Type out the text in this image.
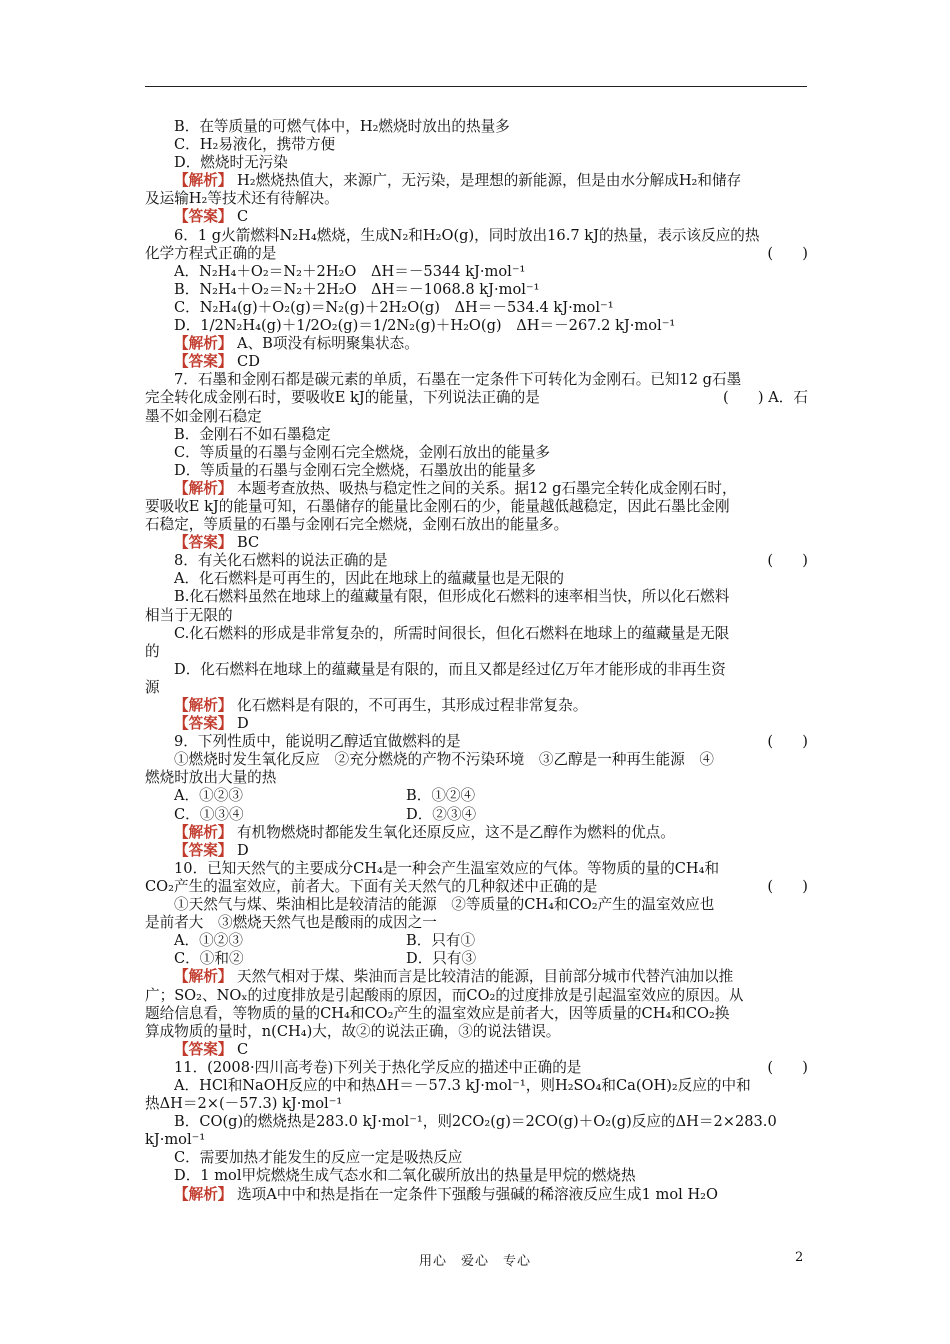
B．在等质量的可燃气体中，H₂燃烧时放出的热量多
C．H₂易液化，携带方便
D．燃烧时无污染
【解析】 H₂燃烧热值大，来源广，无污染，是理想的新能源，但是由水分解成H₂和储存
及运输H₂等技术还有待解决。
【答案】 C
6．1 g火箭燃料N₂H₄燃烧，生成N₂和H₂O(g)，同时放出16.7 kJ的热量，表示该反应的热
(　　)
化学方程式正确的是
A．N₂H₄＋O₂＝N₂＋2H₂O　ΔH＝－5344 kJ·mol⁻¹
B．N₂H₄＋O₂＝N₂＋2H₂O　ΔH＝－1068.8 kJ·mol⁻¹
C．N₂H₄(g)＋O₂(g)＝N₂(g)＋2H₂O(g)　ΔH＝－534.4 kJ·mol⁻¹
D．1/2N₂H₄(g)＋1/2O₂(g)＝1/2N₂(g)＋H₂O(g)　ΔH＝－267.2 kJ·mol⁻¹
【解析】 A、B项没有标明聚集状态。
【答案】 CD
7．石墨和金刚石都是碳元素的单质，石墨在一定条件下可转化为金刚石。已知12 g石墨
(　　) A．石
完全转化成金刚石时，要吸收E kJ的能量，下列说法正确的是
墨不如金刚石稳定
B．金刚石不如石墨稳定
C．等质量的石墨与金刚石完全燃烧，金刚石放出的能量多
D．等质量的石墨与金刚石完全燃烧，石墨放出的能量多
【解析】 本题考查放热、吸热与稳定性之间的关系。据12 g石墨完全转化成金刚石时，
要吸收E kJ的能量可知，石墨储存的能量比金刚石的少，能量越低越稳定，因此石墨比金刚
石稳定，等质量的石墨与金刚石完全燃烧，金刚石放出的能量多。
【答案】 BC
(　　)
8．有关化石燃料的说法正确的是
A．化石燃料是可再生的，因此在地球上的蕴藏量也是无限的
B.化石燃料虽然在地球上的蕴藏量有限，但形成化石燃料的速率相当快，所以化石燃料
相当于无限的
C.化石燃料的形成是非常复杂的，所需时间很长，但化石燃料在地球上的蕴藏量是无限
的
D．化石燃料在地球上的蕴藏量是有限的，而且又都是经过亿万年才能形成的非再生资
源
【解析】 化石燃料是有限的，不可再生，其形成过程非常复杂。
【答案】 D
(　　)
9．下列性质中，能说明乙醇适宜做燃料的是
①燃烧时发生氧化反应　②充分燃烧的产物不污染环境　③乙醇是一种再生能源　④
燃烧时放出大量的热
A．①②③	B．①②④
C．①③④	D．②③④
【解析】 有机物燃烧时都能发生氧化还原反应，这不是乙醇作为燃料的优点。
【答案】 D
10．已知天然气的主要成分CH₄是一种会产生温室效应的气体。等物质的量的CH₄和
(　　)
CO₂产生的温室效应，前者大。下面有关天然气的几种叙述中正确的是
①天然气与煤、柴油相比是较清洁的能源　②等质量的CH₄和CO₂产生的温室效应也
是前者大　③燃烧天然气也是酸雨的成因之一
A．①②③	B．只有①
C．①和②	D．只有③
【解析】 天然气相对于煤、柴油而言是比较清洁的能源，目前部分城市代替汽油加以推
广；SO₂、NOₓ的过度排放是引起酸雨的原因，而CO₂的过度排放是引起温室效应的原因。从
题给信息看，等物质的量的CH₄和CO₂产生的温室效应是前者大，因等质量的CH₄和CO₂换
算成物质的量时，n(CH₄)大，故②的说法正确，③的说法错误。
【答案】 C
(　　)
11．(2008·四川高考卷)下列关于热化学反应的描述中正确的是
A．HCl和NaOH反应的中和热ΔH＝－57.3 kJ·mol⁻¹，则H₂SO₄和Ca(OH)₂反应的中和
热ΔH＝2×(－57.3) kJ·mol⁻¹
B．CO(g)的燃烧热是283.0 kJ·mol⁻¹，则2CO₂(g)＝2CO(g)＋O₂(g)反应的ΔH＝2×283.0
kJ·mol⁻¹
C．需要加热才能发生的反应一定是吸热反应
D．1 mol甲烷燃烧生成气态水和二氧化碳所放出的热量是甲烷的燃烧热
【解析】 选项A中中和热是指在一定条件下强酸与强碱的稀溶液反应生成1 mol H₂O
用心　爱心　专心	2
